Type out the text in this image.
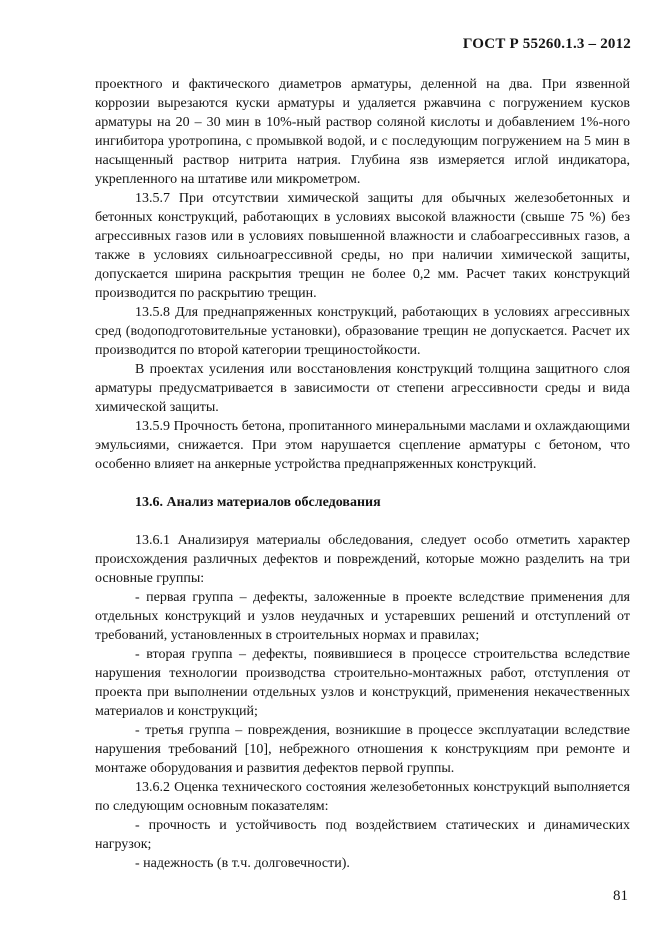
ГОСТ Р 55260.1.3 – 2012

проектного и фактического диаметров арматуры, деленной на два. При язвенной коррозии вырезаются куски арматуры и удаляется ржавчина с погружением кусков арматуры на 20 – 30 мин в 10%-ный раствор соляной кислоты и добавлением 1%-ного ингибитора уротропина, с промывкой водой, и с последующим погружением на 5 мин в насыщенный раствор нитрита натрия. Глубина язв измеряется иглой индикатора, укрепленного на штативе или микрометром.

13.5.7 При отсутствии химической защиты для обычных железобетонных и бетонных конструкций, работающих в условиях высокой влажности (свыше 75 %) без агрессивных газов или в условиях повышенной влажности и слабоагрессивных газов, а также в условиях сильноагрессивной среды, но при наличии химической защиты, допускается ширина раскрытия трещин не более 0,2 мм. Расчет таких конструкций производится по раскрытию трещин.

13.5.8 Для преднапряженных конструкций, работающих в условиях агрессивных сред (водоподготовительные установки), образование трещин не допускается. Расчет их производится по второй категории трещиностойкости.

В проектах усиления или восстановления конструкций толщина защитного слоя арматуры предусматривается в зависимости от степени агрессивности среды и вида химической защиты.

13.5.9 Прочность бетона, пропитанного минеральными маслами и охлаждающими эмульсиями, снижается. При этом нарушается сцепление арматуры с бетоном, что особенно влияет на анкерные устройства преднапряженных конструкций.

13.6. Анализ материалов обследования

13.6.1 Анализируя материалы обследования, следует особо отметить характер происхождения различных дефектов и повреждений, которые можно разделить на три основные группы:

- первая группа – дефекты, заложенные в проекте вследствие применения для отдельных конструкций и узлов неудачных и устаревших решений и отступлений от требований, установленных в строительных нормах и правилах;

- вторая группа – дефекты, появившиеся в процессе строительства вследствие нарушения технологии производства строительно-монтажных работ, отступления от проекта при выполнении отдельных узлов и конструкций, применения некачественных материалов и конструкций;

- третья группа – повреждения, возникшие в процессе эксплуатации вследствие нарушения требований [10], небрежного отношения к конструкциям при ремонте и монтаже оборудования и развития дефектов первой группы.

13.6.2 Оценка технического состояния железобетонных конструкций выполняется по следующим основным показателям:

- прочность и устойчивость под воздействием статических и динамических нагрузок;

- надежность (в т.ч. долговечности).

81
